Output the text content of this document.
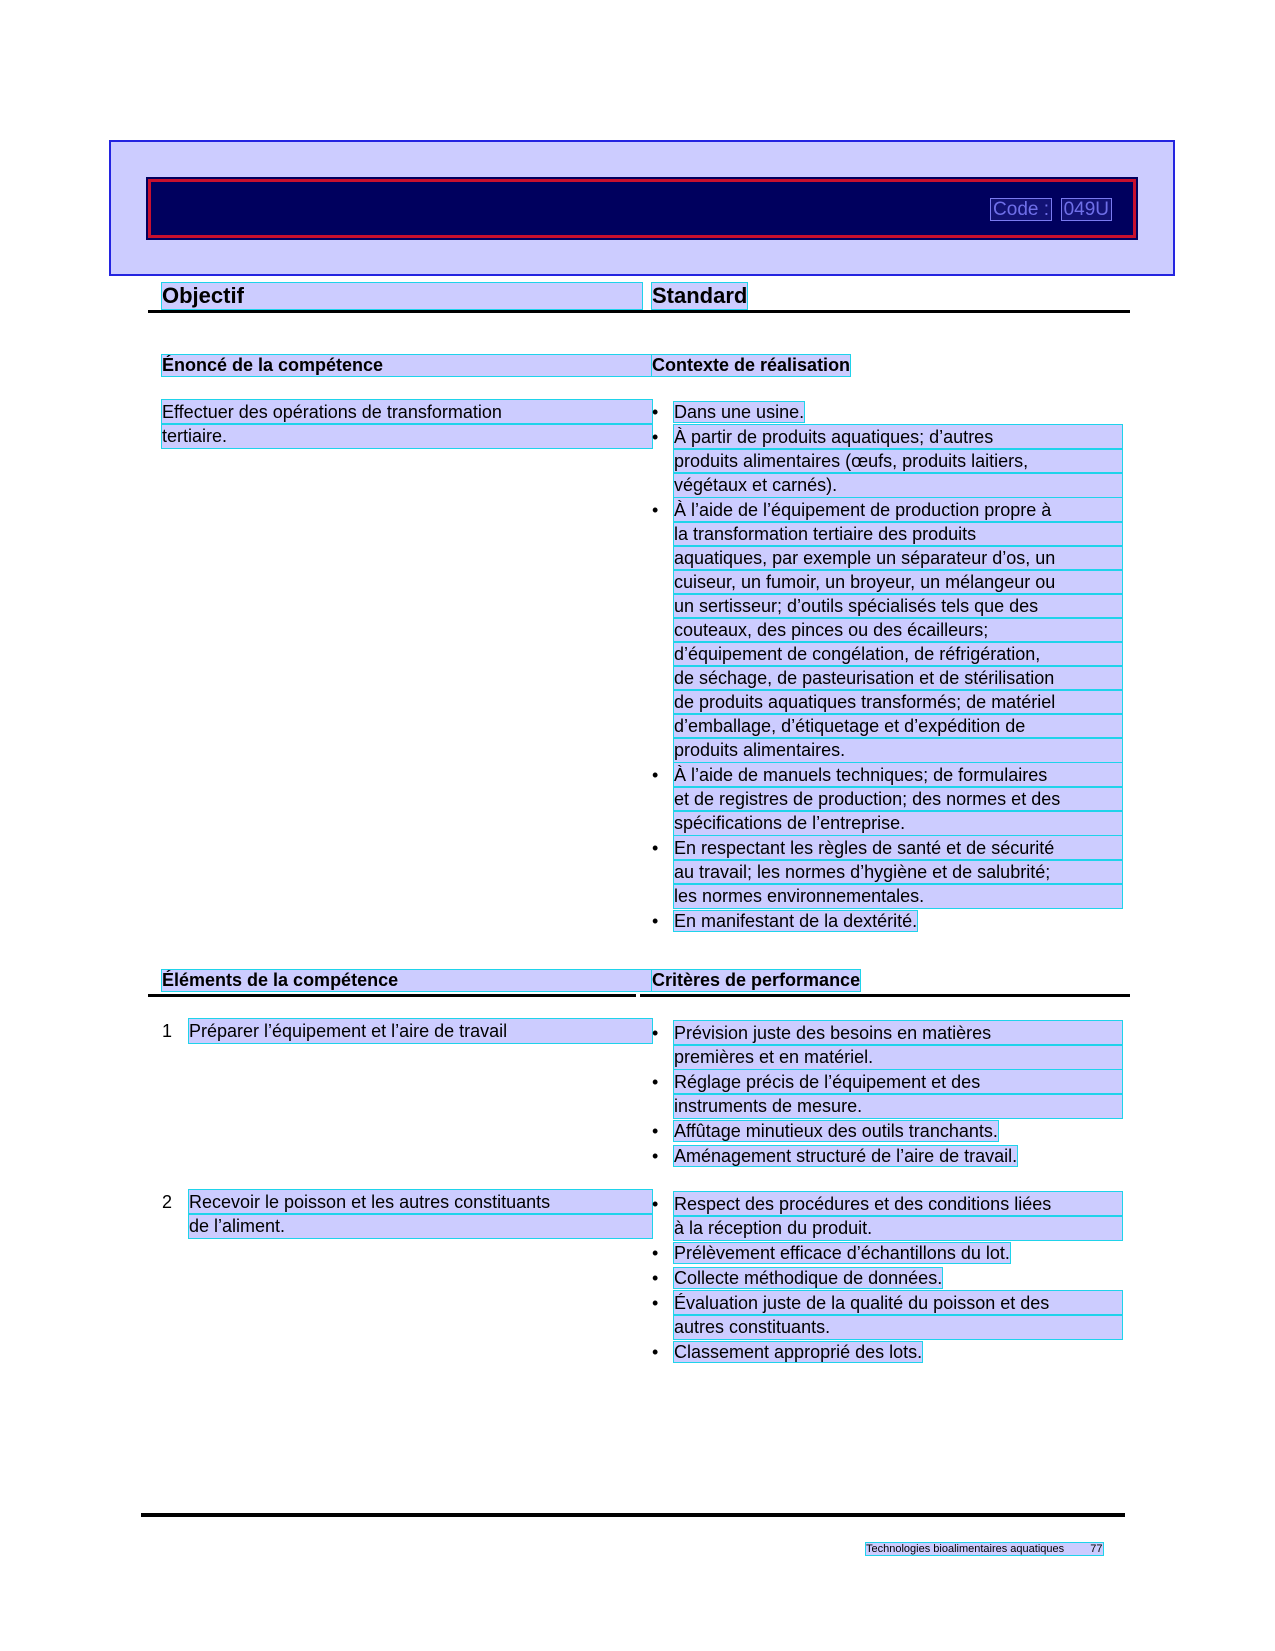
Code : 049U
Objectif	Standard
Énoncé de la compétence	Contexte de réalisation
Effectuer des opérations de transformation
tertiaire.
• Dans une usine.
• À partir de produits aquatiques; d’autres
produits alimentaires (œufs, produits laitiers,
végétaux et carnés).
• À l’aide de l’équipement de production propre à
la transformation tertiaire des produits
aquatiques, par exemple un séparateur d’os, un
cuiseur, un fumoir, un broyeur, un mélangeur ou
un sertisseur; d’outils spécialisés tels que des
couteaux, des pinces ou des écailleurs;
d’équipement de congélation, de réfrigération,
de séchage, de pasteurisation et de stérilisation
de produits aquatiques transformés; de matériel
d’emballage, d’étiquetage et d’expédition de
produits alimentaires.
• À l’aide de manuels techniques; de formulaires
et de registres de production; des normes et des
spécifications de l’entreprise.
• En respectant les règles de santé et de sécurité
au travail; les normes d’hygiène et de salubrité;
les normes environnementales.
• En manifestant de la dextérité.
Éléments de la compétence	Critères de performance
1 Préparer l’équipement et l’aire de travail
•	Prévision juste des besoins en matières
premières et en matériel.
• Réglage précis de l’équipement et des
instruments de mesure.
• Affûtage minutieux des outils tranchants.
• Aménagement structuré de l’aire de travail.
2 Recevoir le poisson et les autres constituants
de l’aliment.
• Respect des procédures et des conditions liées
à la réception du produit.
• Prélèvement efficace d’échantillons du lot.
• Collecte méthodique de données.
• Évaluation juste de la qualité du poisson et des
autres constituants.
• Classement approprié des lots.
Technologies bioalimentaires aquatiques 77
